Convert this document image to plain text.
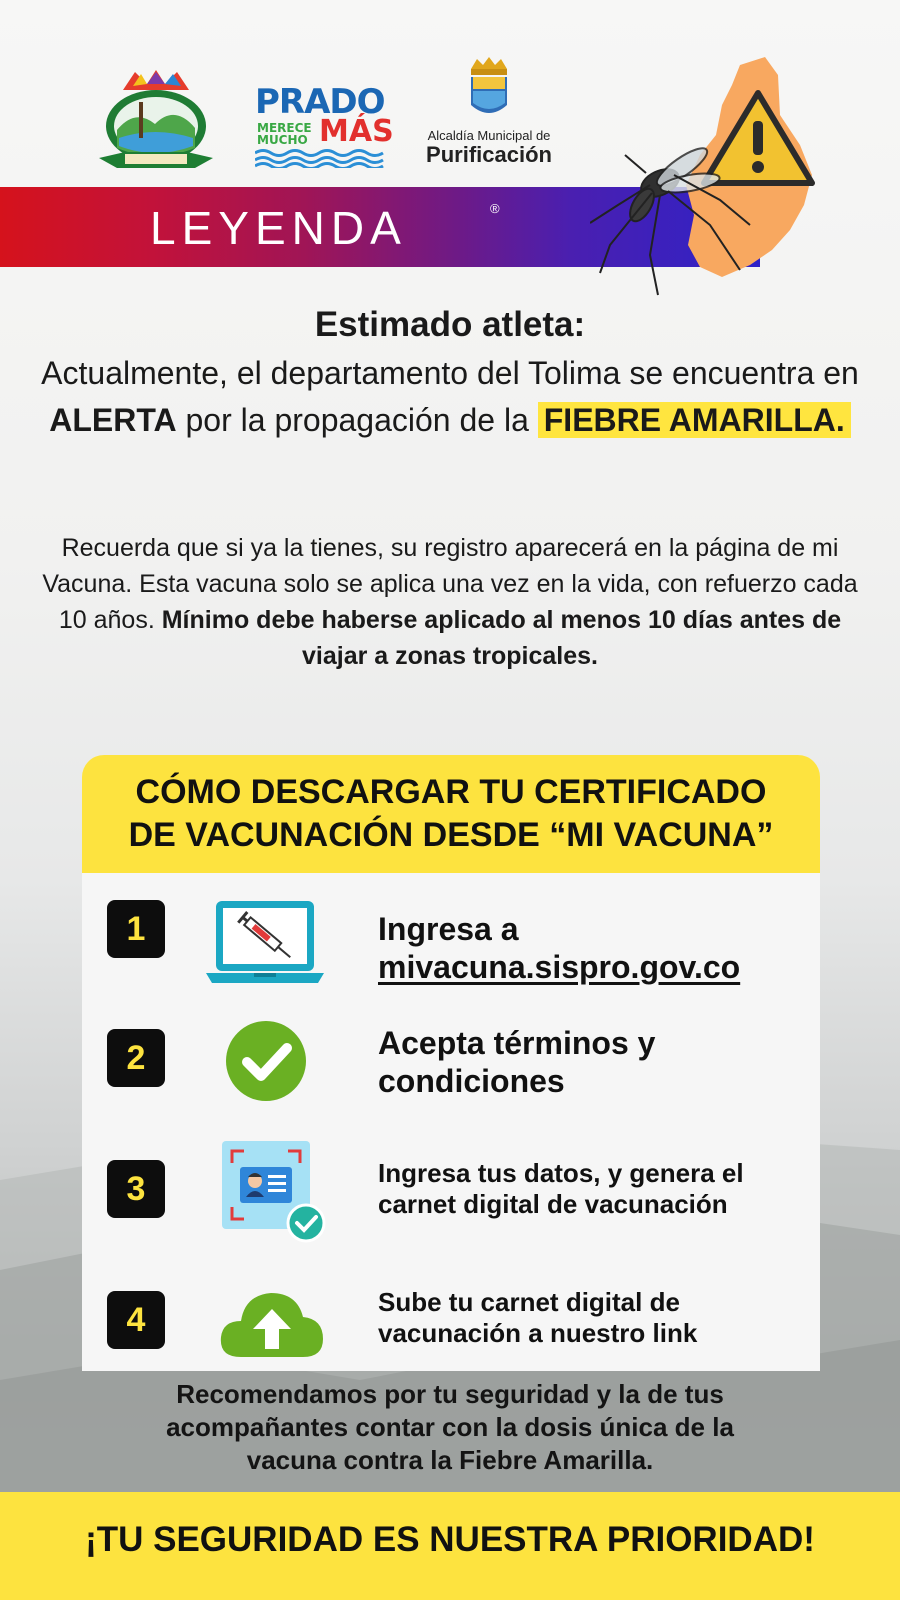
PRADO
MERECE
MUCHO MÁS	Alcaldía Municipal de
Purificación
LEYENDA	®
Estimado atleta:
Actualmente, el departamento del Tolima se encuentra en ALERTA por la propagación de la FIEBRE AMARILLA.
Recuerda que si ya la tienes, su registro aparecerá en la página de mi Vacuna. Esta vacuna solo se aplica una vez en la vida, con refuerzo cada 10 años. Mínimo debe haberse aplicado al menos 10 días antes de viajar a zonas tropicales.
CÓMO DESCARGAR TU CERTIFICADO
DE VACUNACIÓN DESDE “MI VACUNA”
1	Ingresa a
mivacuna.sispro.gov.co
2	Acepta términos y
condiciones
3	Ingresa tus datos, y genera el
carnet digital de vacunación
4	Sube tu carnet digital de
vacunación a nuestro link
Recomendamos por tu seguridad y la de tus
acompañantes contar con la dosis única de la
vacuna contra la Fiebre Amarilla.
¡TU SEGURIDAD ES NUESTRA PRIORIDAD!
